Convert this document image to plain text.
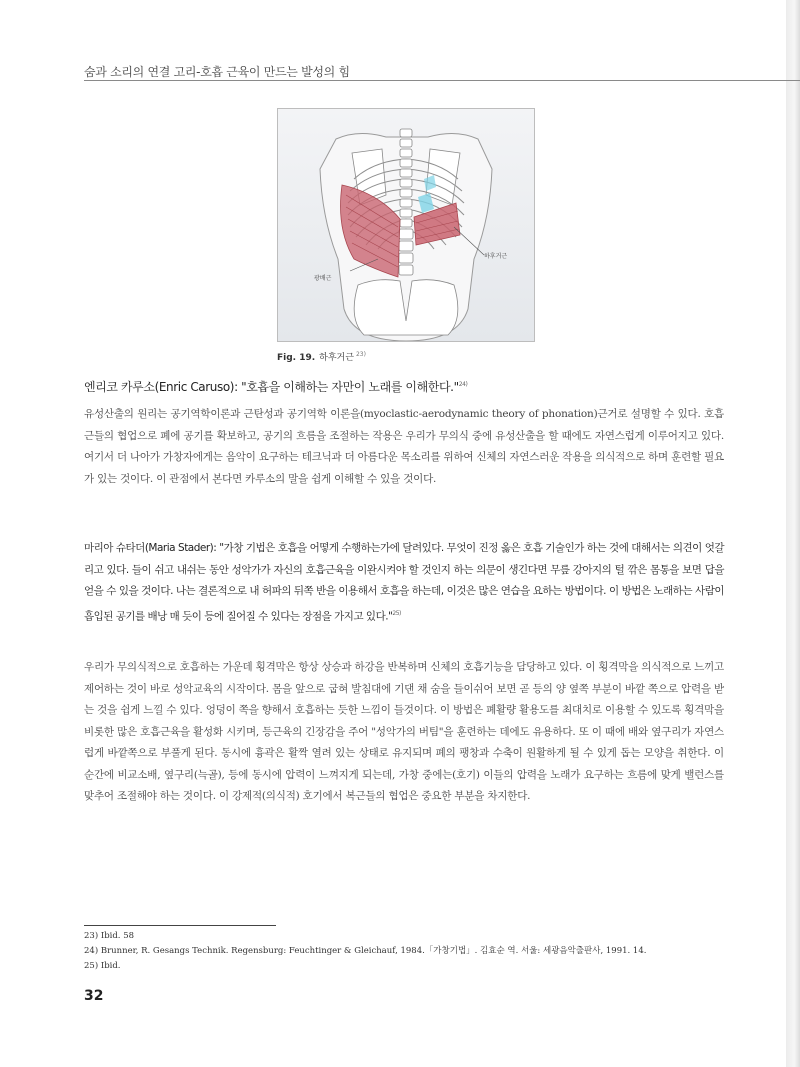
숨과 소리의 연결 고리-호흡 근육이 만드는 발성의 힘
광배근
하후거근
Fig. 19. 하후거근 $^{23)}$
엔리코 카루소(Enric Caruso): "호흡을 이해하는 자만이 노래를 이해한다."$^{24)}$
유성산출의 원리는 공기역학이론과 근탄성과 공기역학 이론을(myoclastic-aerodynamic theory of phonation)근거로 설명할 수 있다. 호흡근들의 협업으로 폐에 공기를 확보하고, 공기의 흐름을 조절하는 작용은 우리가 무의식 중에 유성산출을 할 때에도 자연스럽게 이루어지고 있다. 여기서 더 나아가 가창자에게는 음악이 요구하는 테크닉과 더 아름다운 목소리를 위하여 신체의 자연스러운 작용을 의식적으로 하며 훈련할 필요가 있는 것이다. 이 관점에서 본다면 카루소의 말을 쉽게 이해할 수 있을 것이다.
마리아 슈타더(Maria Stader): "가창 기법은 호흡을 어떻게 수행하는가에 달려있다. 무엇이 진정 옳은 호흡 기술인가 하는 것에 대해서는 의견이 엇갈리고 있다. 들이 쉬고 내쉬는 동안 성악가가 자신의 호흡근육을 이완시켜야 할 것인지 하는 의문이 생긴다면 무릎 강아지의 털 깎은 몸통을 보면 답을 얻을 수 있을 것이다. 나는 결론적으로 내 허파의 뒤쪽 반을 이용해서 호흡을 하는데, 이것은 많은 연습을 요하는 방법이다. 이 방법은 노래하는 사람이 흡입된 공기를 배낭 매 듯이 등에 질어질 수 있다는 장점을 가지고 있다."$^{25)}$
우리가 무의식적으로 호흡하는 가운데 횡격막은 항상 상승과 하강을 반복하며 신체의 호흡기능을 담당하고 있다. 이 횡격막을 의식적으로 느끼고 제어하는 것이 바로 성악교육의 시작이다. 몸을 앞으로 굽혀 발침대에 기댄 채 숨을 들이쉬어 보면 곧 등의 양 옆쪽 부분이 바깥 쪽으로 압력을 받는 것을 쉽게 느낄 수 있다. 엉덩이 쪽을 향해서 호흡하는 듯한 느낌이 들것이다. 이 방법은 폐활량 활용도를 최대치로 이용할 수 있도록 횡격막을 비롯한 많은 호흡근육을 활성화 시키며, 등근육의 긴장감을 주어 "성악가의 버팀"을 훈련하는 데에도 유용하다. 또 이 때에 배와 옆구리가 자연스럽게 바깥쪽으로 부풀게 된다. 동시에 흉곽은 활짝 열려 있는 상태로 유지되며 폐의 팽창과 수축이 원활하게 될 수 있게 돕는 모양을 취한다. 이 순간에 비교소배, 옆구리(늑골), 등에 동시에 압력이 느껴지게 되는데, 가창 중에는(호기) 이들의 압력을 노래가 요구하는 흐름에 맞게 밸런스를 맞추어 조절해야 하는 것이다. 이 강제적(의식적) 호기에서 복근들의 협업은 중요한 부분을 차지한다.
23) Ibid. 58
24) Brunner, R. Gesangs Technik. Regensburg: Feuchtinger & Gleichauf, 1984.「가창기법」. 김효순 역. 서울: 세광음악출판사, 1991. 14.
25) Ibid.
32
